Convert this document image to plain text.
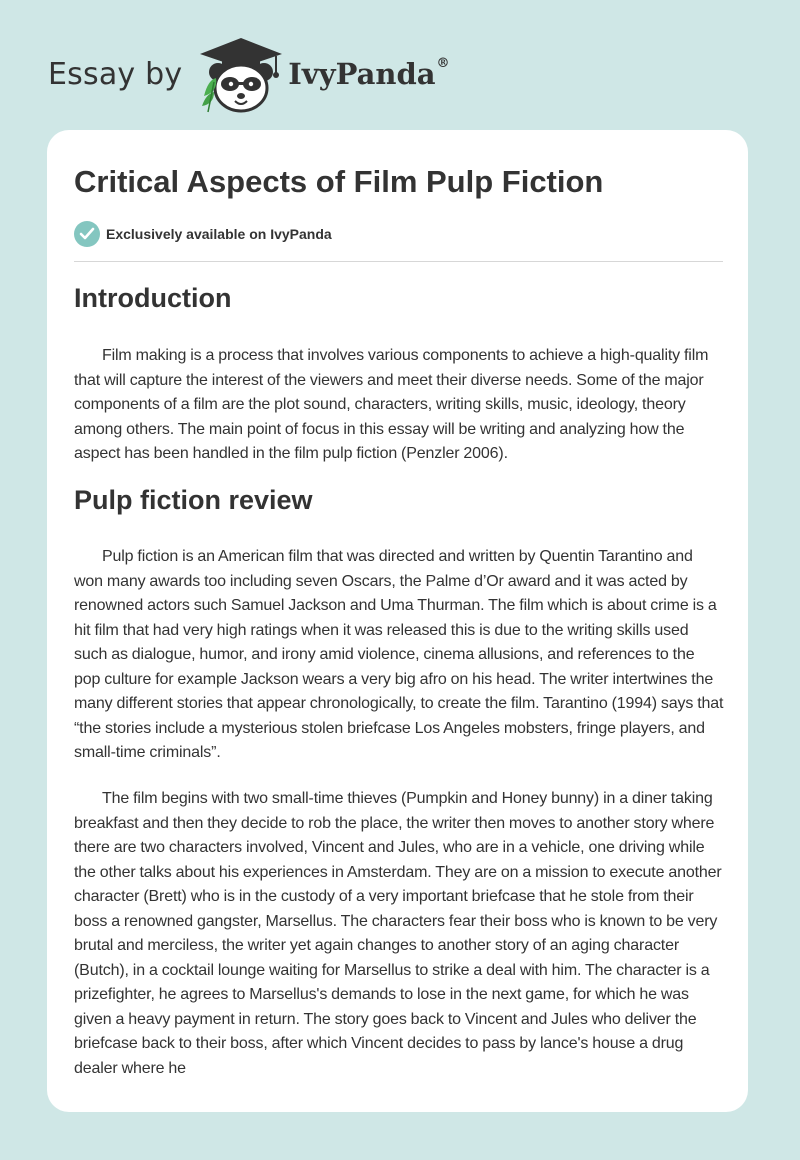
Essay by	IvyPanda®
Critical Aspects of Film Pulp Fiction
Exclusively available on IvyPanda
Introduction

Film making is a process that involves various components to achieve a high-quality film that will capture the interest of the viewers and meet their diverse needs. Some of the major components of a film are the plot sound, characters, writing skills, music, ideology, theory among others. The main point of focus in this essay will be writing and analyzing how the aspect has been handled in the film pulp fiction (Penzler 2006).

Pulp fiction review

Pulp fiction is an American film that was directed and written by Quentin Tarantino and won many awards too including seven Oscars, the Palme d’Or award and it was acted by renowned actors such Samuel Jackson and Uma Thurman. The film which is about crime is a hit film that had very high ratings when it was released this is due to the writing skills used such as dialogue, humor, and irony amid violence, cinema allusions, and references to the pop culture for example Jackson wears a very big afro on his head. The writer intertwines the many different stories that appear chronologically, to create the film. Tarantino (1994) says that “the stories include a mysterious stolen briefcase Los Angeles mobsters, fringe players, and small-time criminals”.

The film begins with two small-time thieves (Pumpkin and Honey bunny) in a diner taking breakfast and then they decide to rob the place, the writer then moves to another story where there are two characters involved, Vincent and Jules, who are in a vehicle, one driving while the other talks about his experiences in Amsterdam. They are on a mission to execute another character (Brett) who is in the custody of a very important briefcase that he stole from their boss a renowned gangster, Marsellus. The characters fear their boss who is known to be very brutal and merciless, the writer yet again changes to another story of an aging character (Butch), in a cocktail lounge waiting for Marsellus to strike a deal with him. The character is a prizefighter, he agrees to Marsellus's demands to lose in the next game, for which he was given a heavy payment in return. The story goes back to Vincent and Jules who deliver the briefcase back to their boss, after which Vincent decides to pass by lance's house a drug dealer where he
